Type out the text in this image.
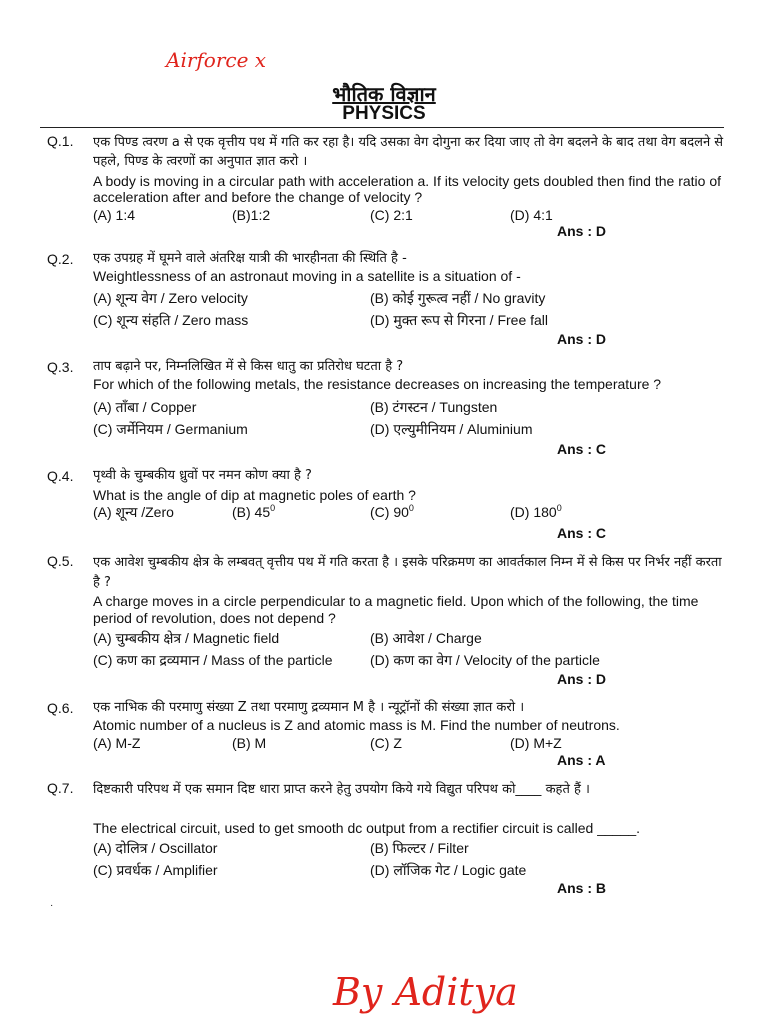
Airforce x
भौतिक विज्ञान
PHYSICS
Q.1. एक पिण्ड त्वरण a से एक वृत्तीय पथ में गति कर रहा है। यदि उसका वेग दोगुना कर दिया जाए तो वेग बदलने के बाद तथा वेग बदलने से पहले, पिण्ड के त्वरणों का अनुपात ज्ञात करो ।
A body is moving in a circular path with acceleration a. If its velocity gets doubled then find the ratio of acceleration after and before the change of velocity ?
(A) 1:4	(B)1:2	(C) 2:1	(D) 4:1
Ans : D
Q.2. एक उपग्रह में घूमने वाले अंतरिक्ष यात्री की भारहीनता की स्थिति है -
Weightlessness of an astronaut moving in a satellite is a situation of -
(A) शून्य वेग / Zero velocity	(B) कोई गुरूत्व नहीं / No gravity
(C) शून्य संहति / Zero mass	(D) मुक्त रूप से गिरना / Free fall
Ans : D
Q.3. ताप बढ़ाने पर, निम्नलिखित में से किस धातु का प्रतिरोध घटता है ?
For which of the following metals, the resistance decreases on increasing the temperature ?
(A) ताँबा / Copper	(B) टंगस्टन / Tungsten
(C) जर्मेनियम / Germanium	(D) एल्युमीनियम / Aluminium
Ans : C
Q.4. पृथ्वी के चुम्बकीय ध्रुवों पर नमन कोण क्या है ?
What is the angle of dip at magnetic poles of earth ?
(A) शून्य /Zero	(B) $45^0$	(C) $90^0$	(D) $180^0$
Ans : C
Q.5. एक आवेश चुम्बकीय क्षेत्र के लम्बवत् वृत्तीय पथ में गति करता है । इसके परिक्रमण का आवर्तकाल निम्न में से किस पर निर्भर नहीं करता है ?
A charge moves in a circle perpendicular to a magnetic field. Upon which of the following, the time period of revolution, does not depend ?
(A) चुम्बकीय क्षेत्र / Magnetic field	(B) आवेश / Charge
(C) कण का द्रव्यमान / Mass of the particle	(D) कण का वेग / Velocity of the particle
Ans : D
Q.6. एक नाभिक की परमाणु संख्या Z तथा परमाणु द्रव्यमान M है । न्यूट्रॉनों की संख्या ज्ञात करो ।
Atomic number of a nucleus is Z and atomic mass is M. Find the number of neutrons.
(A) M-Z	(B) M	(C) Z	(D) M+Z
Ans : A
Q.7. दिष्टकारी परिपथ में एक समान दिष्ट धारा प्राप्त करने हेतु उपयोग किये गये विद्युत परिपथ को____ कहते हैं ।
The electrical circuit, used to get smooth dc output from a rectifier circuit is called _____.
(A) दोलित्र / Oscillator	(B) फिल्टर / Filter
(C) प्रवर्धक / Amplifier	(D) लॉजिक गेट / Logic gate
Ans : B
·
By Aditya
